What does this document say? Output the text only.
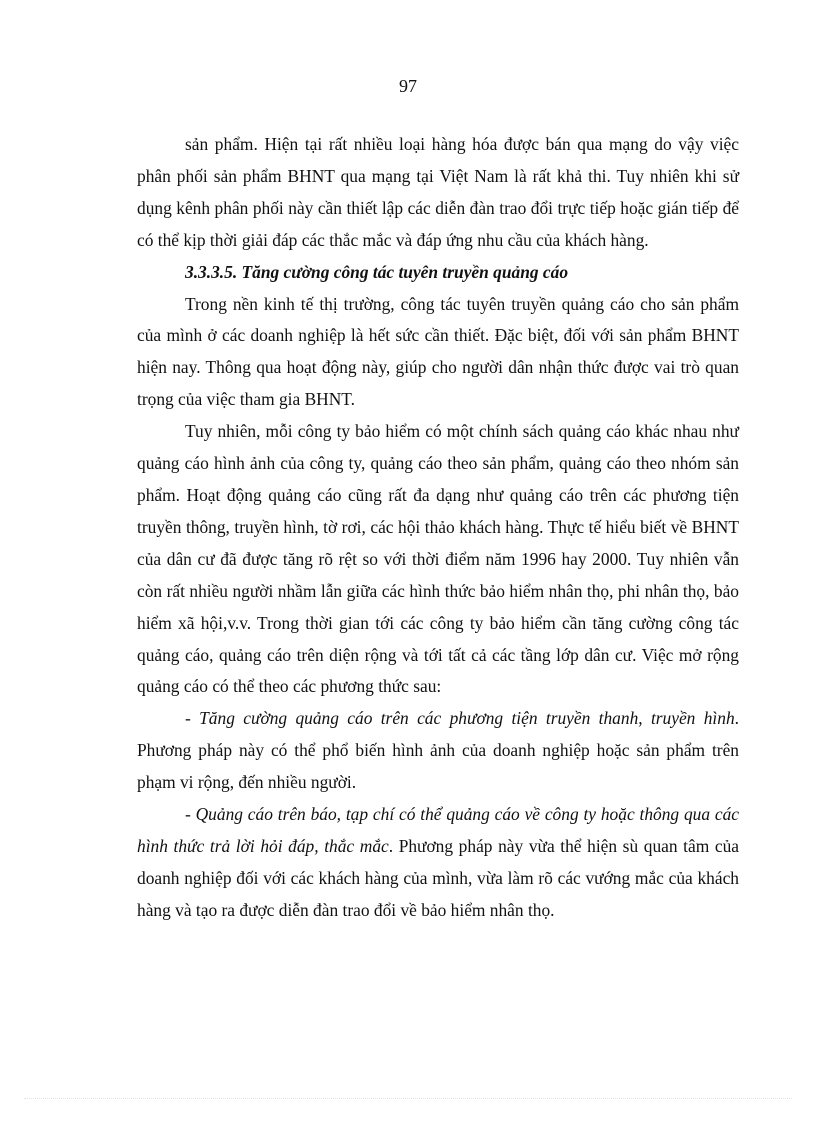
97

sản phẩm. Hiện tại rất nhiều loại hàng hóa được bán qua mạng do vậy việc phân phối sản phẩm BHNT qua mạng tại Việt Nam là rất khả thi. Tuy nhiên khi sử dụng kênh phân phối này cần thiết lập các diễn đàn trao đổi trực tiếp hoặc gián tiếp để có thể kịp thời giải đáp các thắc mắc và đáp ứng nhu cầu của khách hàng.

3.3.3.5. Tăng cường công tác tuyên truyền quảng cáo

Trong nền kinh tế thị trường, công tác tuyên truyền quảng cáo cho sản phẩm của mình ở các doanh nghiệp là hết sức cần thiết. Đặc biệt, đối với sản phẩm BHNT hiện nay. Thông qua hoạt động này, giúp cho người dân nhận thức được vai trò quan trọng của việc tham gia BHNT.

Tuy nhiên, mỗi công ty bảo hiểm có một chính sách quảng cáo khác nhau như quảng cáo hình ảnh của công ty, quảng cáo theo sản phẩm, quảng cáo theo nhóm sản phẩm. Hoạt động quảng cáo cũng rất đa dạng như quảng cáo trên các phương tiện truyền thông, truyền hình, tờ rơi, các hội thảo khách hàng. Thực tế hiểu biết về BHNT của dân cư đã được tăng rõ rệt so với thời điểm năm 1996 hay 2000. Tuy nhiên vẫn còn rất nhiều người nhầm lẫn giữa các hình thức bảo hiểm nhân thọ, phi nhân thọ, bảo hiểm xã hội,v.v. Trong thời gian tới các công ty bảo hiểm cần tăng cường công tác quảng cáo, quảng cáo trên diện rộng và tới tất cả các tầng lớp dân cư. Việc mở rộng quảng cáo có thể theo các phương thức sau:

- Tăng cường quảng cáo trên các phương tiện truyền thanh, truyền hình. Phương pháp này có thể phổ biến hình ảnh của doanh nghiệp hoặc sản phẩm trên phạm vi rộng, đến nhiều người.

- Quảng cáo trên báo, tạp chí có thể quảng cáo về công ty hoặc thông qua các hình thức trả lời hỏi đáp, thắc mắc. Phương pháp này vừa thể hiện sù quan tâm của doanh nghiệp đối với các khách hàng của mình, vừa làm rõ các vướng mắc của khách hàng và tạo ra được diễn đàn trao đổi về bảo hiểm nhân thọ.
